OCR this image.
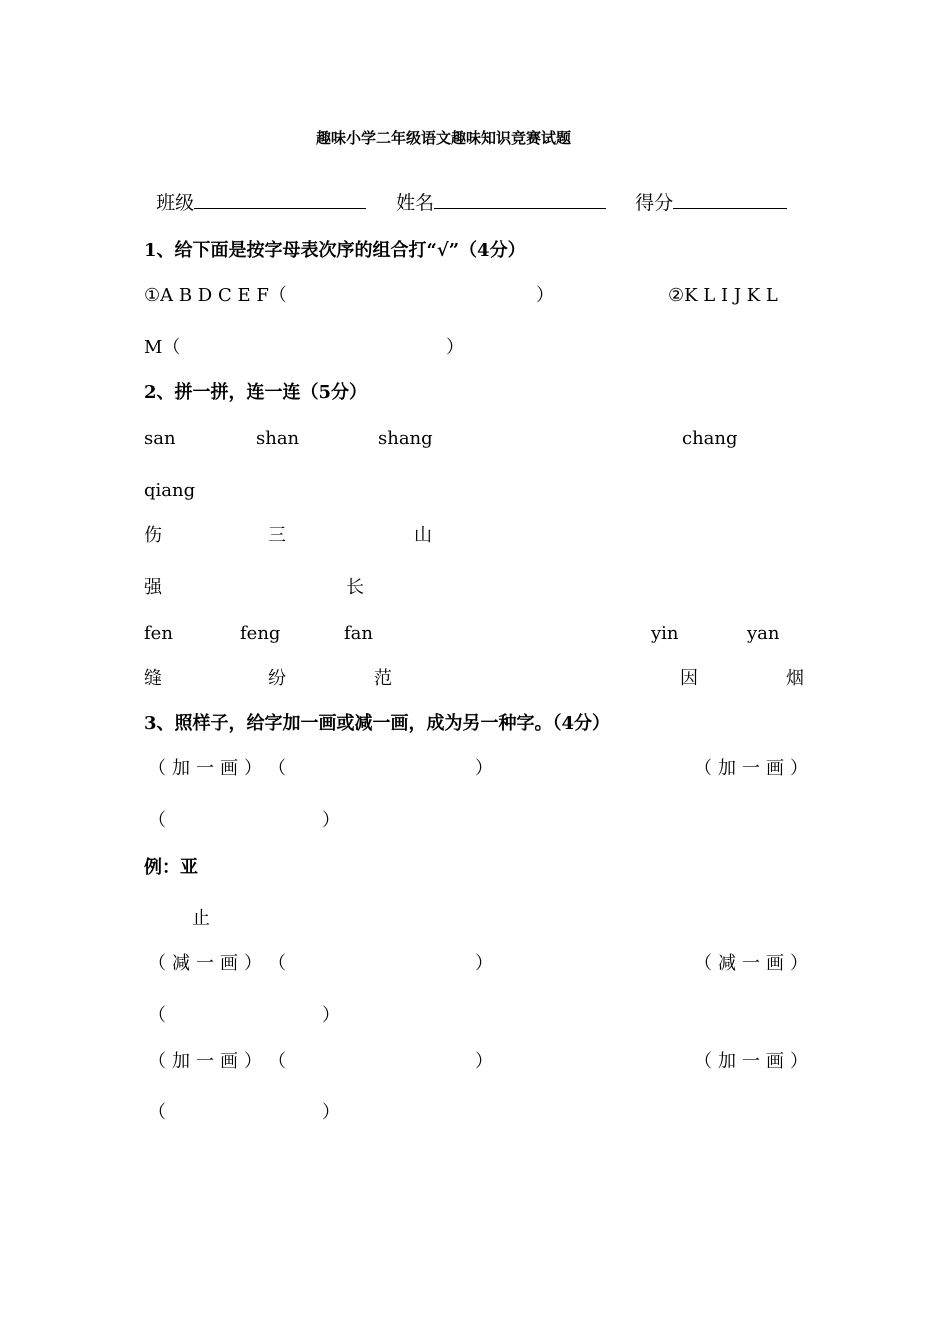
趣味小学二年级语文趣味知识竞赛试题

班级	姓名	得分

1、给下面是按字母表次序的组合打“√”（4分）
①A B D C E F（	）	②K L I J K L
M（	）
2、拼一拼，连一连（5分）
san	shan	shang	chang
qiang
伤	三	山
强	长
fen	feng	fan	yin	yan
缝	纷	范	因	烟
3、照样子，给字加一画或减一画，成为另一种字。（4分）
（加一画） （	）	（加一画）
（	）
例：亚
止
（减一画） （	）	（减一画）
（	）
（加一画） （	）	（加一画）
（	）
